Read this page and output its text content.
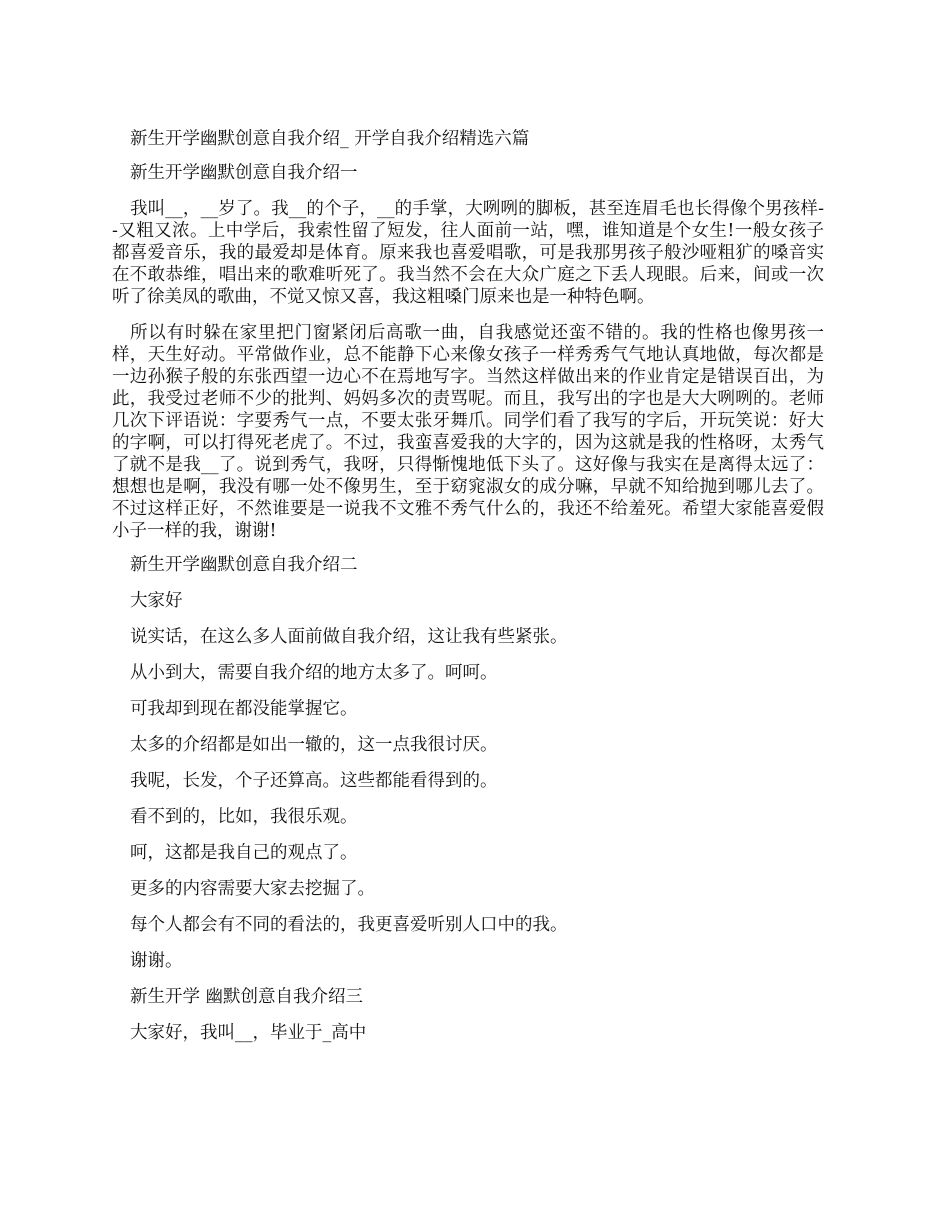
新生开学幽默创意自我介绍_ 开学自我介绍精选六篇

新生开学幽默创意自我介绍一

我叫__，__岁了。我__的个子，__的手掌，大咧咧的脚板，甚至连眉毛也长得像个男孩样--又粗又浓。上中学后，我索性留了短发，往人面前一站，嘿，谁知道是个女生!一般女孩子都喜爱音乐，我的最爱却是体育。原来我也喜爱唱歌，可是我那男孩子般沙哑粗犷的嗓音实在不敢恭维，唱出来的歌难听死了。我当然不会在大众广庭之下丢人现眼。后来，间或一次听了徐美凤的歌曲，不觉又惊又喜，我这粗嗓门原来也是一种特色啊。

所以有时躲在家里把门窗紧闭后高歌一曲，自我感觉还蛮不错的。我的性格也像男孩一样，天生好动。平常做作业，总不能静下心来像女孩子一样秀秀气气地认真地做，每次都是一边孙猴子般的东张西望一边心不在焉地写字。当然这样做出来的作业肯定是错误百出，为此，我受过老师不少的批判、妈妈多次的责骂呢。而且，我写出的字也是大大咧咧的。老师几次下评语说：字要秀气一点，不要太张牙舞爪。同学们看了我写的字后，开玩笑说：好大的字啊，可以打得死老虎了。不过，我蛮喜爱我的大字的，因为这就是我的性格呀，太秀气了就不是我__了。说到秀气，我呀，只得惭愧地低下头了。这好像与我实在是离得太远了：想想也是啊，我没有哪一处不像男生，至于窈窕淑女的成分嘛，早就不知给抛到哪儿去了。不过这样正好，不然谁要是一说我不文雅不秀气什么的，我还不给羞死。希望大家能喜爱假小子一样的我，谢谢!

新生开学幽默创意自我介绍二

大家好

说实话，在这么多人面前做自我介绍，这让我有些紧张。

从小到大，需要自我介绍的地方太多了。呵呵。

可我却到现在都没能掌握它。

太多的介绍都是如出一辙的，这一点我很讨厌。

我呢，长发，个子还算高。这些都能看得到的。

看不到的，比如，我很乐观。

呵，这都是我自己的观点了。

更多的内容需要大家去挖掘了。

每个人都会有不同的看法的，我更喜爱听别人口中的我。

谢谢。

新生开学 幽默创意自我介绍三

大家好，我叫__，毕业于_高中
